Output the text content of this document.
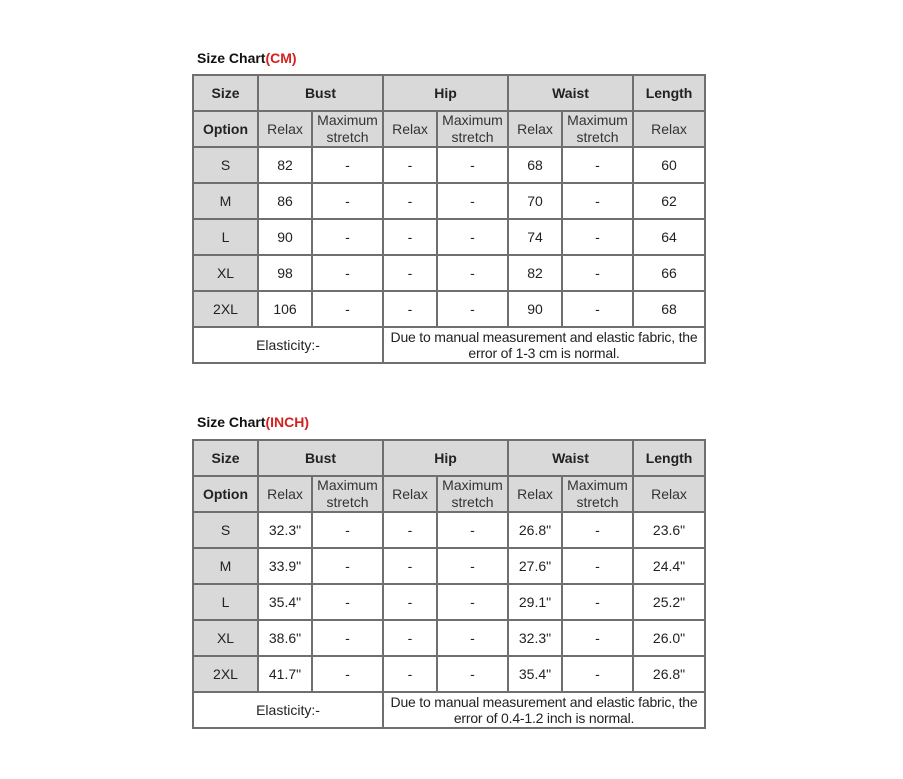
Size Chart(CM)
Size	Bust		Hip		Waist		Length
Option	Relax	Maximum stretch	Relax	Maximum stretch	Relax	Maximum stretch	Relax
S	82	-	-	-	68	-	60
M	86	-	-	-	70	-	62
L	90	-	-	-	74	-	64
XL	98	-	-	-	82	-	66
2XL	106	-	-	-	90	-	68
Elasticity:-			Due to manual measurement and elastic fabric, the error of 1-3 cm is normal.				
Size Chart(INCH)
Size	Bust		Hip		Waist		Length
Option	Relax	Maximum stretch	Relax	Maximum stretch	Relax	Maximum stretch	Relax
S	32.3"	-	-	-	26.8"	-	23.6"
M	33.9"	-	-	-	27.6"	-	24.4"
L	35.4"	-	-	-	29.1"	-	25.2"
XL	38.6"	-	-	-	32.3"	-	26.0"
2XL	41.7"	-	-	-	35.4"	-	26.8"
Elasticity:-			Due to manual measurement and elastic fabric, the error of 0.4-1.2 inch is normal.				
